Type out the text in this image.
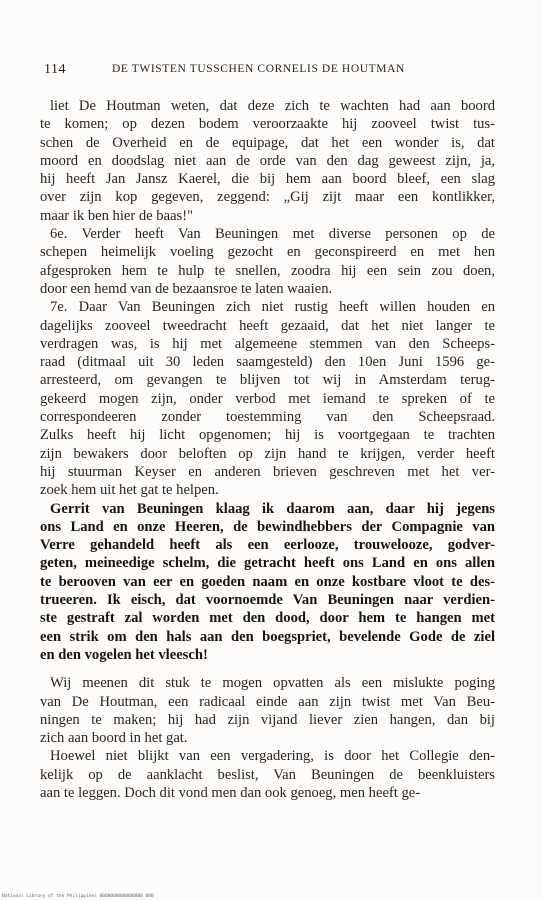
114	DE TWISTEN TUSSCHEN CORNELIS DE HOUTMAN
liet De Houtman weten, dat deze zich te wachten had aan boord
te komen; op dezen bodem veroorzaakte hij zooveel twist tus-
schen de Overheid en de equipage, dat het een wonder is, dat
moord en doodslag niet aan de orde van den dag geweest zijn, ja,
hij heeft Jan Jansz Kaerel, die bij hem aan boord bleef, een slag
over zijn kop gegeven, zeggend: „Gij zijt maar een kontlikker,
maar ik ben hier de baas!"
6e. Verder heeft Van Beuningen met diverse personen op de
schepen heimelijk voeling gezocht en geconspireerd en met hen
afgesproken hem te hulp te snellen, zoodra hij een sein zou doen,
door een hemd van de bezaansroe te laten waaien.
7e. Daar Van Beuningen zich niet rustig heeft willen houden en
dagelijks zooveel tweedracht heeft gezaaid, dat het niet langer te
verdragen was, is hij met algemeene stemmen van den Scheeps-
raad (ditmaal uit 30 leden saamgesteld) den 10en Juni 1596 ge-
arresteerd, om gevangen te blijven tot wij in Amsterdam terug-
gekeerd mogen zijn, onder verbod met iemand te spreken of te
correspondeeren zonder toestemming van den Scheepsraad.
Zulks heeft hij licht opgenomen; hij is voortgegaan te trachten
zijn bewakers door beloften op zijn hand te krijgen, verder heeft
hij stuurman Keyser en anderen brieven geschreven met het ver-
zoek hem uit het gat te helpen.
Gerrit van Beuningen klaag ik daarom aan, daar hij jegens
ons Land en onze Heeren, de bewindhebbers der Compagnie van
Verre gehandeld heeft als een eerlooze, trouwelooze, godver-
geten, meineedige schelm, die getracht heeft ons Land en ons allen
te berooven van eer en goeden naam en onze kostbare vloot te des-
trueeren. Ik eisch, dat voornoemde Van Beuningen naar verdien-
ste gestraft zal worden met den dood, door hem te hangen met
een strik om den hals aan den boegspriet, bevelende Gode de ziel
en den vogelen het vleesch!
Wij meenen dit stuk te mogen opvatten als een mislukte poging
van De Houtman, een radicaal einde aan zijn twist met Van Beu-
ningen te maken; hij had zijn vijand liever zien hangen, dan bij
zich aan boord in het gat.
Hoewel niet blijkt van een vergadering, is door het Collegie den-
kelijk op de aanklacht beslist, Van Beuningen de beenkluisters
aan te leggen. Doch dit vond men dan ook genoeg, men heeft ge-
National Library of the Philippines 0000000000000000 000
